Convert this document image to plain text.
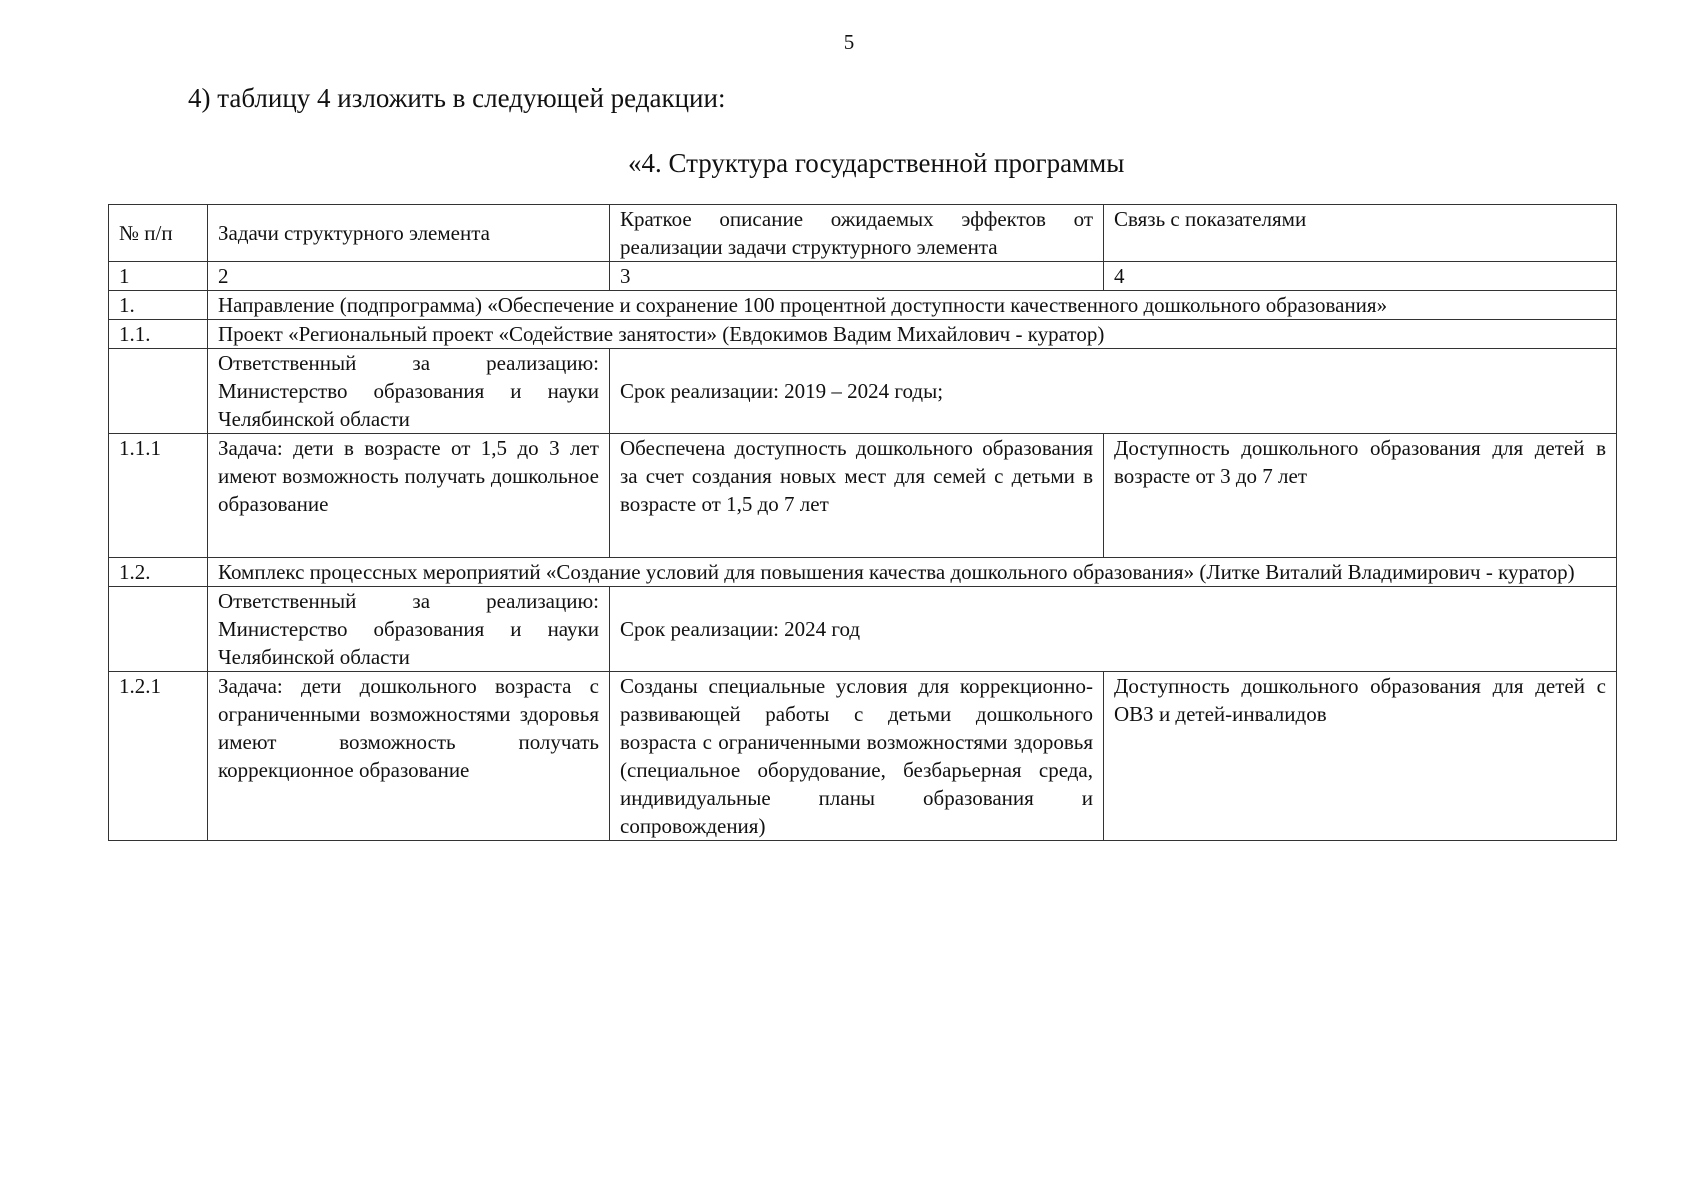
5
4) таблицу 4 изложить в следующей редакции:
«4. Структура государственной программы
№ п/п	Задачи структурного элемента	Краткое описание ожидаемых эффектов от реализации задачи структурного элемента	Связь с показателями
1	2	3	4
1.	Направление (подпрограмма) «Обеспечение и сохранение 100 процентной доступности качественного дошкольного образования»		
1.1.	Проект «Региональный проект «Содействие занятости» (Евдокимов Вадим Михайлович - куратор)		
	Ответственный за реализацию: Министерство образования и науки Челябинской области	Срок реализации: 2019 – 2024 годы;	
1.1.1	Задача: дети в возрасте от 1,5 до 3 лет имеют возможность получать дошкольное образование	Обеспечена доступность дошкольного образования за счет создания новых мест для семей с детьми в возрасте от 1,5 до 7 лет	Доступность дошкольного образования для детей в возрасте от 3 до 7 лет
1.2.	Комплекс процессных мероприятий «Создание условий для повышения качества дошкольного образования» (Литке Виталий Владимирович - куратор)		
	Ответственный за реализацию: Министерство образования и науки Челябинской области	Срок реализации: 2024 год	
1.2.1	Задача: дети дошкольного возраста с ограниченными возможностями здоровья имеют возможность получать коррекционное образование	Созданы специальные условия для коррекционно-развивающей работы с детьми дошкольного возраста с ограниченными возможностями здоровья (специальное оборудование, безбарьерная среда, индивидуальные планы образования и сопровождения)	Доступность дошкольного образования для детей с ОВЗ и детей-инвалидов
